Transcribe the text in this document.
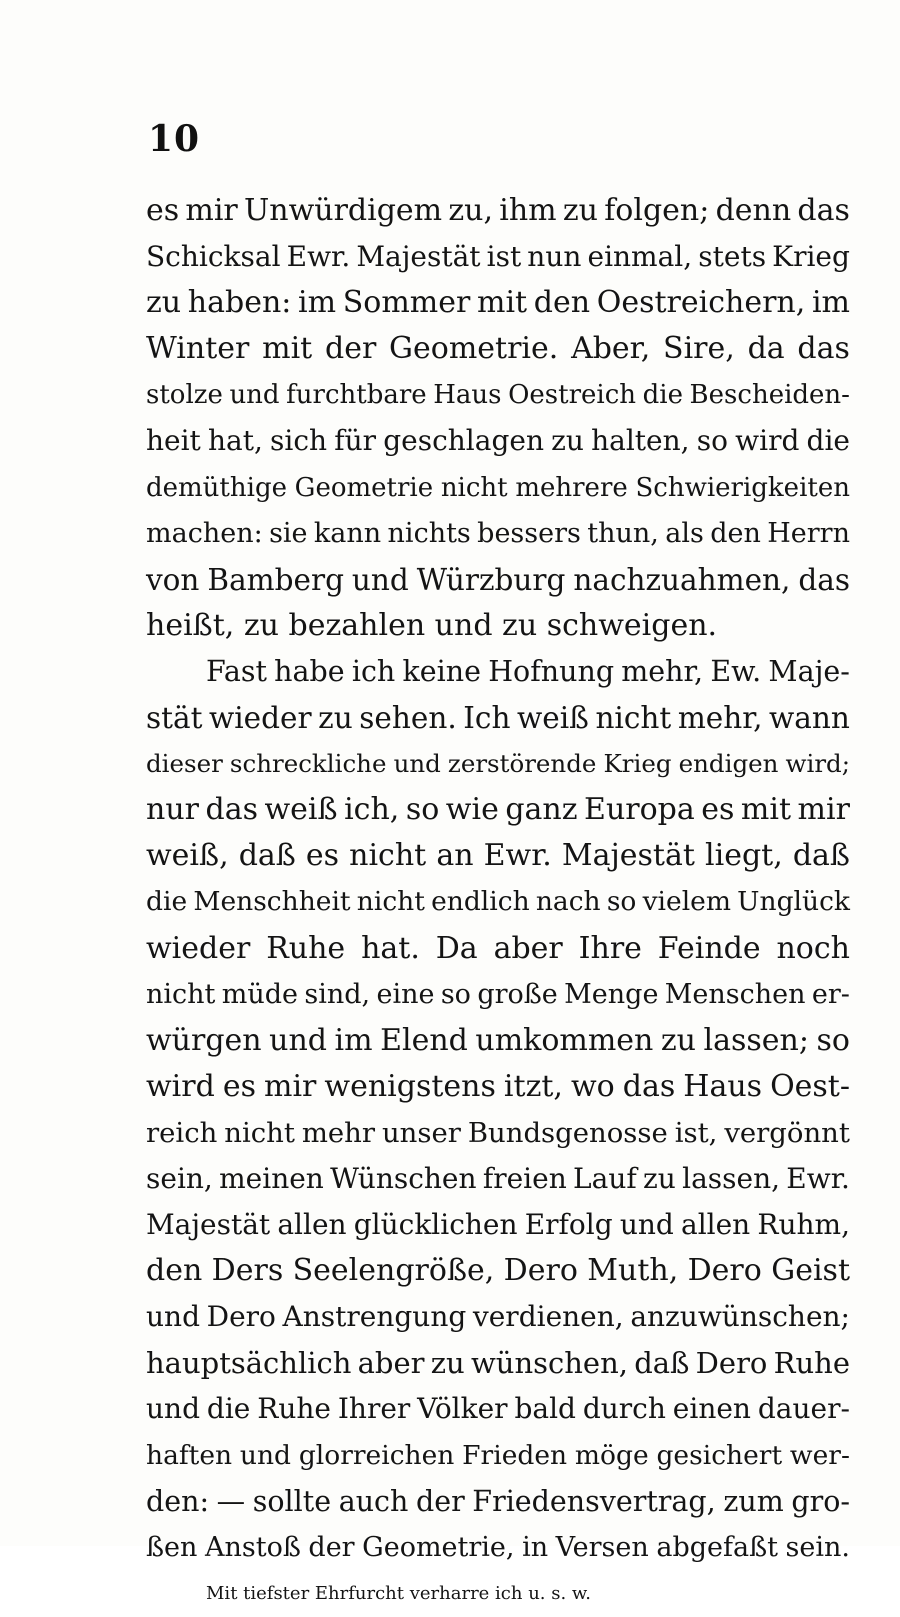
10
es mir Unwürdigem zu, ihm zu folgen; denn das
Schicksal Ewr. Majestät ist nun einmal, stets Krieg
zu haben: im Sommer mit den Oestreichern, im
Winter mit der Geometrie. Aber, Sire, da das
stolze und furchtbare Haus Oestreich die Bescheiden-
heit hat, sich für geschlagen zu halten, so wird die
demüthige Geometrie nicht mehrere Schwierigkeiten
machen: sie kann nichts bessers thun, als den Herrn
von Bamberg und Würzburg nachzuahmen, das
heißt, zu bezahlen und zu schweigen.
Fast habe ich keine Hofnung mehr, Ew. Maje-
stät wieder zu sehen. Ich weiß nicht mehr, wann
dieser schreckliche und zerstörende Krieg endigen wird;
nur das weiß ich, so wie ganz Europa es mit mir
weiß, daß es nicht an Ewr. Majestät liegt, daß
die Menschheit nicht endlich nach so vielem Unglück
wieder Ruhe hat. Da aber Ihre Feinde noch
nicht müde sind, eine so große Menge Menschen er-
würgen und im Elend umkommen zu lassen; so
wird es mir wenigstens itzt, wo das Haus Oest-
reich nicht mehr unser Bundsgenosse ist, vergönnt
sein, meinen Wünschen freien Lauf zu lassen, Ewr.
Majestät allen glücklichen Erfolg und allen Ruhm,
den Ders Seelengröße, Dero Muth, Dero Geist
und Dero Anstrengung verdienen, anzuwünschen;
hauptsächlich aber zu wünschen, daß Dero Ruhe
und die Ruhe Ihrer Völker bald durch einen dauer-
haften und glorreichen Frieden möge gesichert wer-
den: — sollte auch der Friedensvertrag, zum gro-
ßen Anstoß der Geometrie, in Versen abgefaßt sein.
Mit tiefster Ehrfurcht verharre ich u. s. w.
